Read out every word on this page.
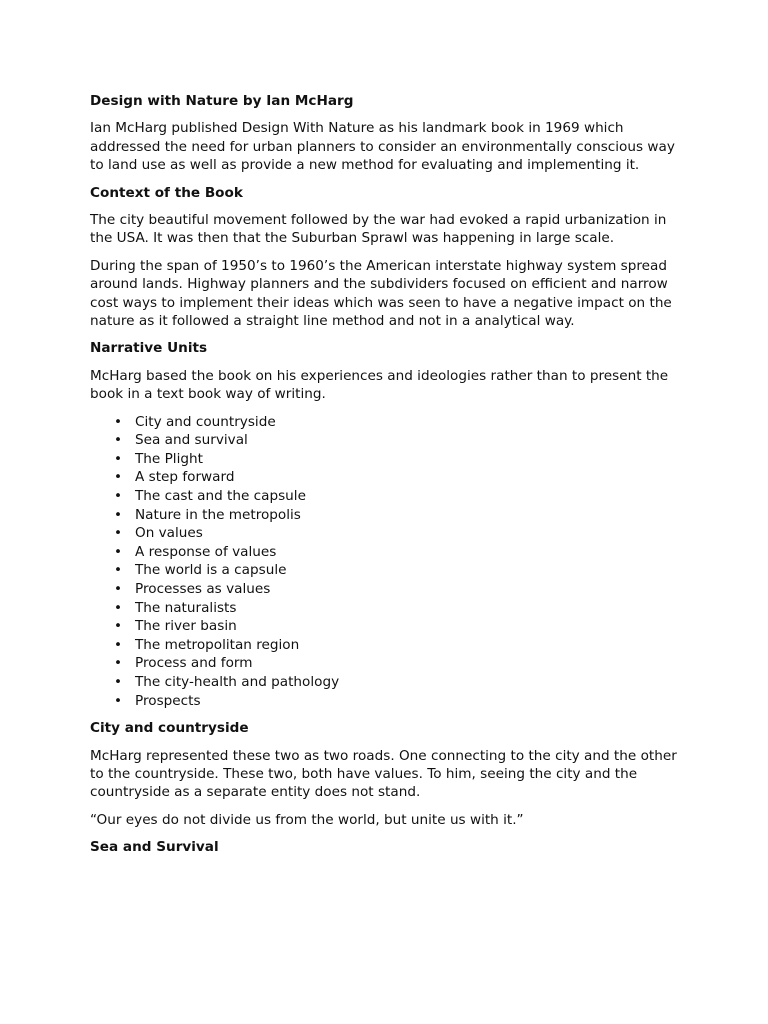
Design with Nature by Ian McHarg

Ian McHarg published Design With Nature as his landmark book in 1969 which addressed the need for urban planners to consider an environmentally conscious way to land use as well as provide a new method for evaluating and implementing it.

Context of the Book

The city beautiful movement followed by the war had evoked a rapid urbanization in the USA. It was then that the Suburban Sprawl was happening in large scale.

During the span of 1950’s to 1960’s the American interstate highway system spread around lands. Highway planners and the subdividers focused on efficient and narrow cost ways to implement their ideas which was seen to have a negative impact on the nature as it followed a straight line method and not in a analytical way.

Narrative Units

McHarg based the book on his experiences and ideologies rather than to present the book in a text book way of writing.

• City and countryside
• Sea and survival
• The Plight
• A step forward
• The cast and the capsule
• Nature in the metropolis
• On values
• A response of values
• The world is a capsule
• Processes as values
• The naturalists
• The river basin
• The metropolitan region
• Process and form
• The city-health and pathology
• Prospects
City and countryside

McHarg represented these two as two roads. One connecting to the city and the other to the countryside. These two, both have values. To him, seeing the city and the countryside as a separate entity does not stand.

“Our eyes do not divide us from the world, but unite us with it.”

Sea and Survival
